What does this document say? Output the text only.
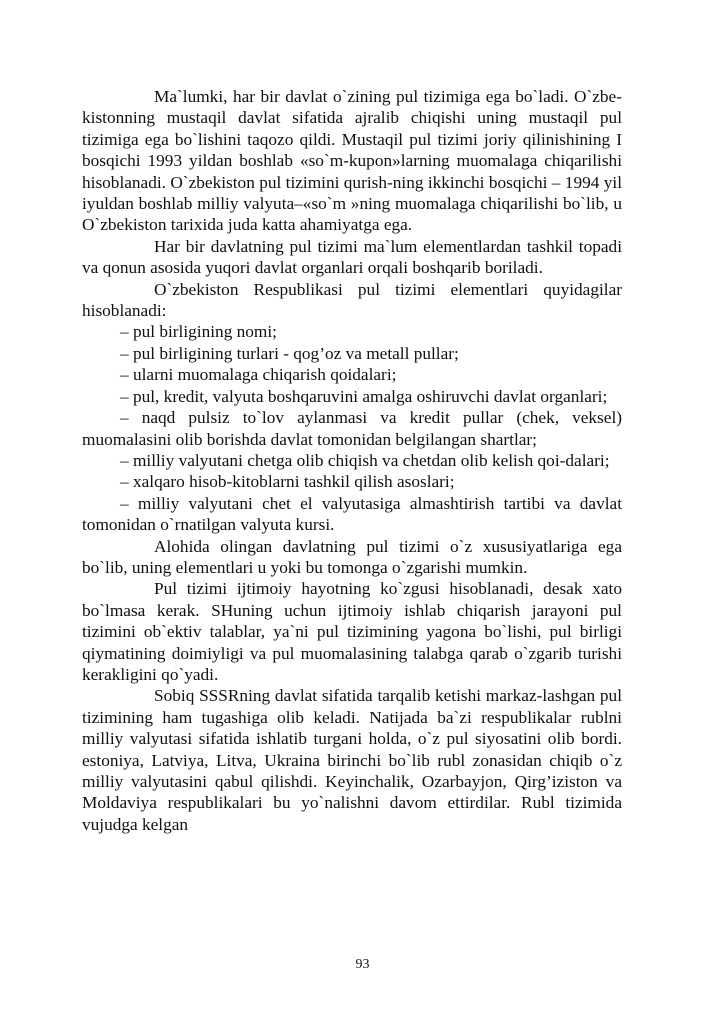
Ma`lumki, har bir davlat o`zining pul tizimiga ega bo`ladi. O`zbe-kistonning mustaqil davlat sifatida ajralib chiqishi uning mustaqil pul tizimiga ega bo`lishini taqozo qildi. Mustaqil pul tizimi joriy qilinishining I bosqichi 1993 yildan boshlab «so`m-kupon»larning muomalaga chiqarilishi hisoblanadi. O`zbekiston pul tizimini qurish-ning ikkinchi bosqichi – 1994 yil iyuldan boshlab milliy valyuta–«so`m »ning muomalaga chiqarilishi bo`lib, u O`zbekiston tarixida juda katta ahamiyatga ega.

Har bir davlatning pul tizimi ma`lum elementlardan tashkil topadi va qonun asosida yuqori davlat organlari orqali boshqarib boriladi.

O`zbekiston Respublikasi pul tizimi elementlari quyidagilar hisoblanadi:

– pul birligining nomi;

– pul birligining turlari - qog’oz va metall pullar;

– ularni muomalaga chiqarish qoidalari;

– pul, kredit, valyuta boshqaruvini amalga oshiruvchi davlat organlari;

– naqd pulsiz to`lov aylanmasi va kredit pullar (chek, veksel) muomalasini olib borishda davlat tomonidan belgilangan shartlar;

– milliy valyutani chetga olib chiqish va chetdan olib kelish qoi-dalari;

– xalqaro hisob-kitoblarni tashkil qilish asoslari;

– milliy valyutani chet el valyutasiga almashtirish tartibi va davlat tomonidan o`rnatilgan valyuta kursi.

Alohida olingan davlatning pul tizimi o`z xususiyatlariga ega bo`lib, uning elementlari u yoki bu tomonga o`zgarishi mumkin.

Pul tizimi ijtimoiy hayotning ko`zgusi hisoblanadi, desak xato bo`lmasa kerak. SHuning uchun ijtimoiy ishlab chiqarish jarayoni pul tizimini ob`ektiv talablar, ya`ni pul tizimining yagona bo`lishi, pul birligi qiymatining doimiyligi va pul muomalasining talabga qarab o`zgarib turishi kerakligini qo`yadi.

Sobiq SSSRning davlat sifatida tarqalib ketishi markaz-lashgan pul tizimining ham tugashiga olib keladi. Natijada ba`zi respublikalar rublni milliy valyutasi sifatida ishlatib turgani holda, o`z pul siyosatini olib bordi. estoniya, Latviya, Litva, Ukraina birinchi bo`lib rubl zonasidan chiqib o`z milliy valyutasini qabul qilishdi. Keyinchalik, Ozarbayjon, Qirg’iziston va Moldaviya respublikalari bu yo`nalishni davom ettirdilar. Rubl tizimida vujudga kelgan

93
